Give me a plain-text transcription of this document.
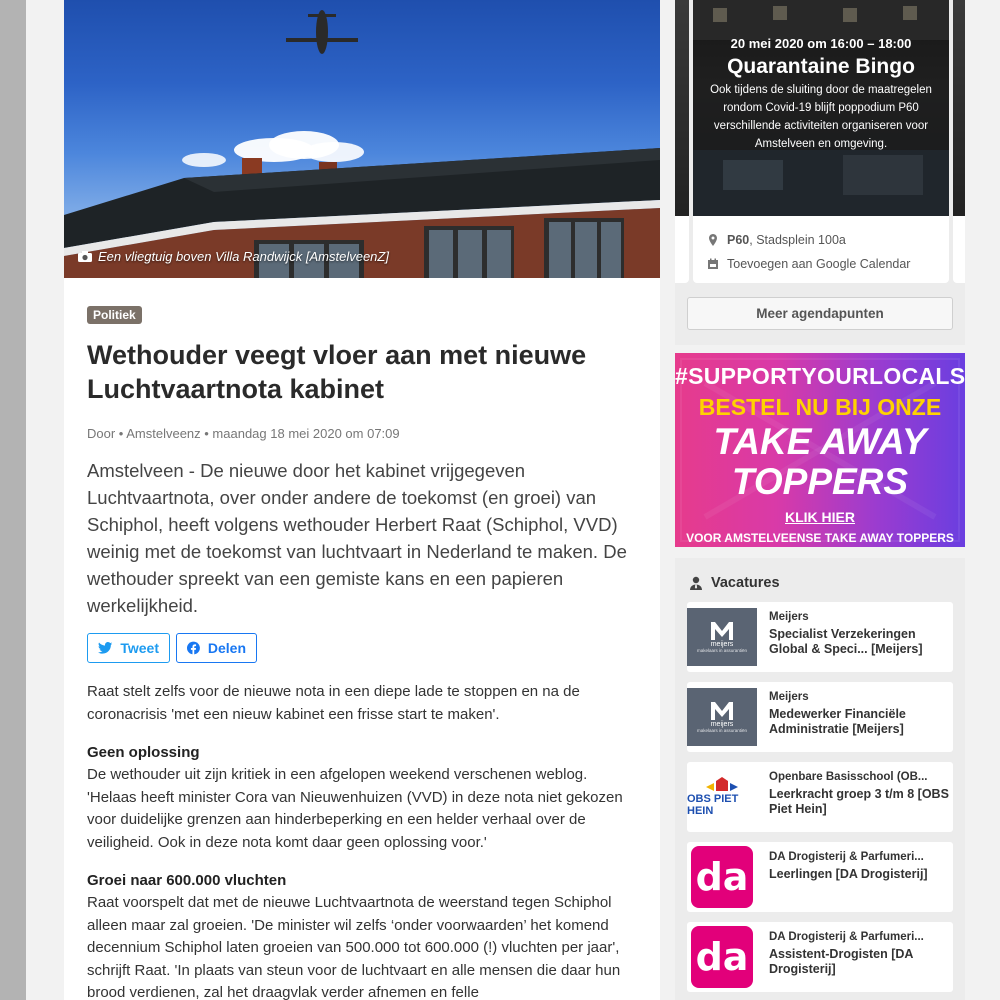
Een vliegtuig boven Villa Randwijck [AmstelveenZ]
Politiek
Wethouder veegt vloer aan met nieuwe Luchtvaartnota kabinet
Door • Amstelveenz • maandag 18 mei 2020 om 07:09

Amstelveen - De nieuwe door het kabinet vrijgegeven Luchtvaartnota, over onder andere de toekomst (en groei) van Schiphol, heeft volgens wethouder Herbert Raat (Schiphol, VVD) weinig met de toekomst van luchtvaart in Nederland te maken. De wethouder spreekt van een gemiste kans en een papieren werkelijkheid.

Tweet	Delen

Raat stelt zelfs voor de nieuwe nota in een diepe lade te stoppen en na de coronacrisis 'met een nieuw kabinet een frisse start te maken'.

Geen oplossing

De wethouder uit zijn kritiek in een afgelopen weekend verschenen weblog. 'Helaas heeft minister Cora van Nieuwenhuizen (VVD) in deze nota niet gekozen voor duidelijke grenzen aan hinderbeperking en een helder verhaal over de veiligheid. Ook in deze nota komt daar geen oplossing voor.'

Groei naar 600.000 vluchten

Raat voorspelt dat met de nieuwe Luchtvaartnota de weerstand tegen Schiphol alleen maar zal groeien. 'De minister wil zelfs ‘onder voorwaarden’ het komend decennium Schiphol laten groeien van 500.000 tot 600.000 (!) vluchten per jaar', schrijft Raat. 'In plaats van steun voor de luchtvaart en alle mensen die daar hun brood verdienen, zal het draagvlak verder afnemen en felle

20 mei 2020 om 16:00 – 18:00
Quarantaine Bingo
Ook tijdens de sluiting door de maatregelen rondom Covid-19 blijft poppodium P60 verschillende activiteiten organiseren voor Amstelveen en omgeving.
P60, Stadsplein 100a
Toevoegen aan Google Calendar
Meer agendapunten
#SUPPORTYOURLOCALS
BESTEL NU BIJ ONZE
TAKE AWAY
TOPPERS
KLIK HIER
VOOR AMSTELVEENSE TAKE AWAY TOPPERS
Vacatures
meijers
makelaars in assurantiën
Meijers
Specialist Verzekeringen Global & Speci... [Meijers]
meijers
makelaars in assurantiën
Meijers
Medewerker Financiële Administratie [Meijers]
OBS PIET HEIN
Openbare Basisschool (OB...
Leerkracht groep 3 t/m 8 [OBS Piet Hein]
da	DA Drogisterij & Parfumeri...
Leerlingen [DA Drogisterij]
da	DA Drogisterij & Parfumeri...
Assistent-Drogisten [DA Drogisterij]
